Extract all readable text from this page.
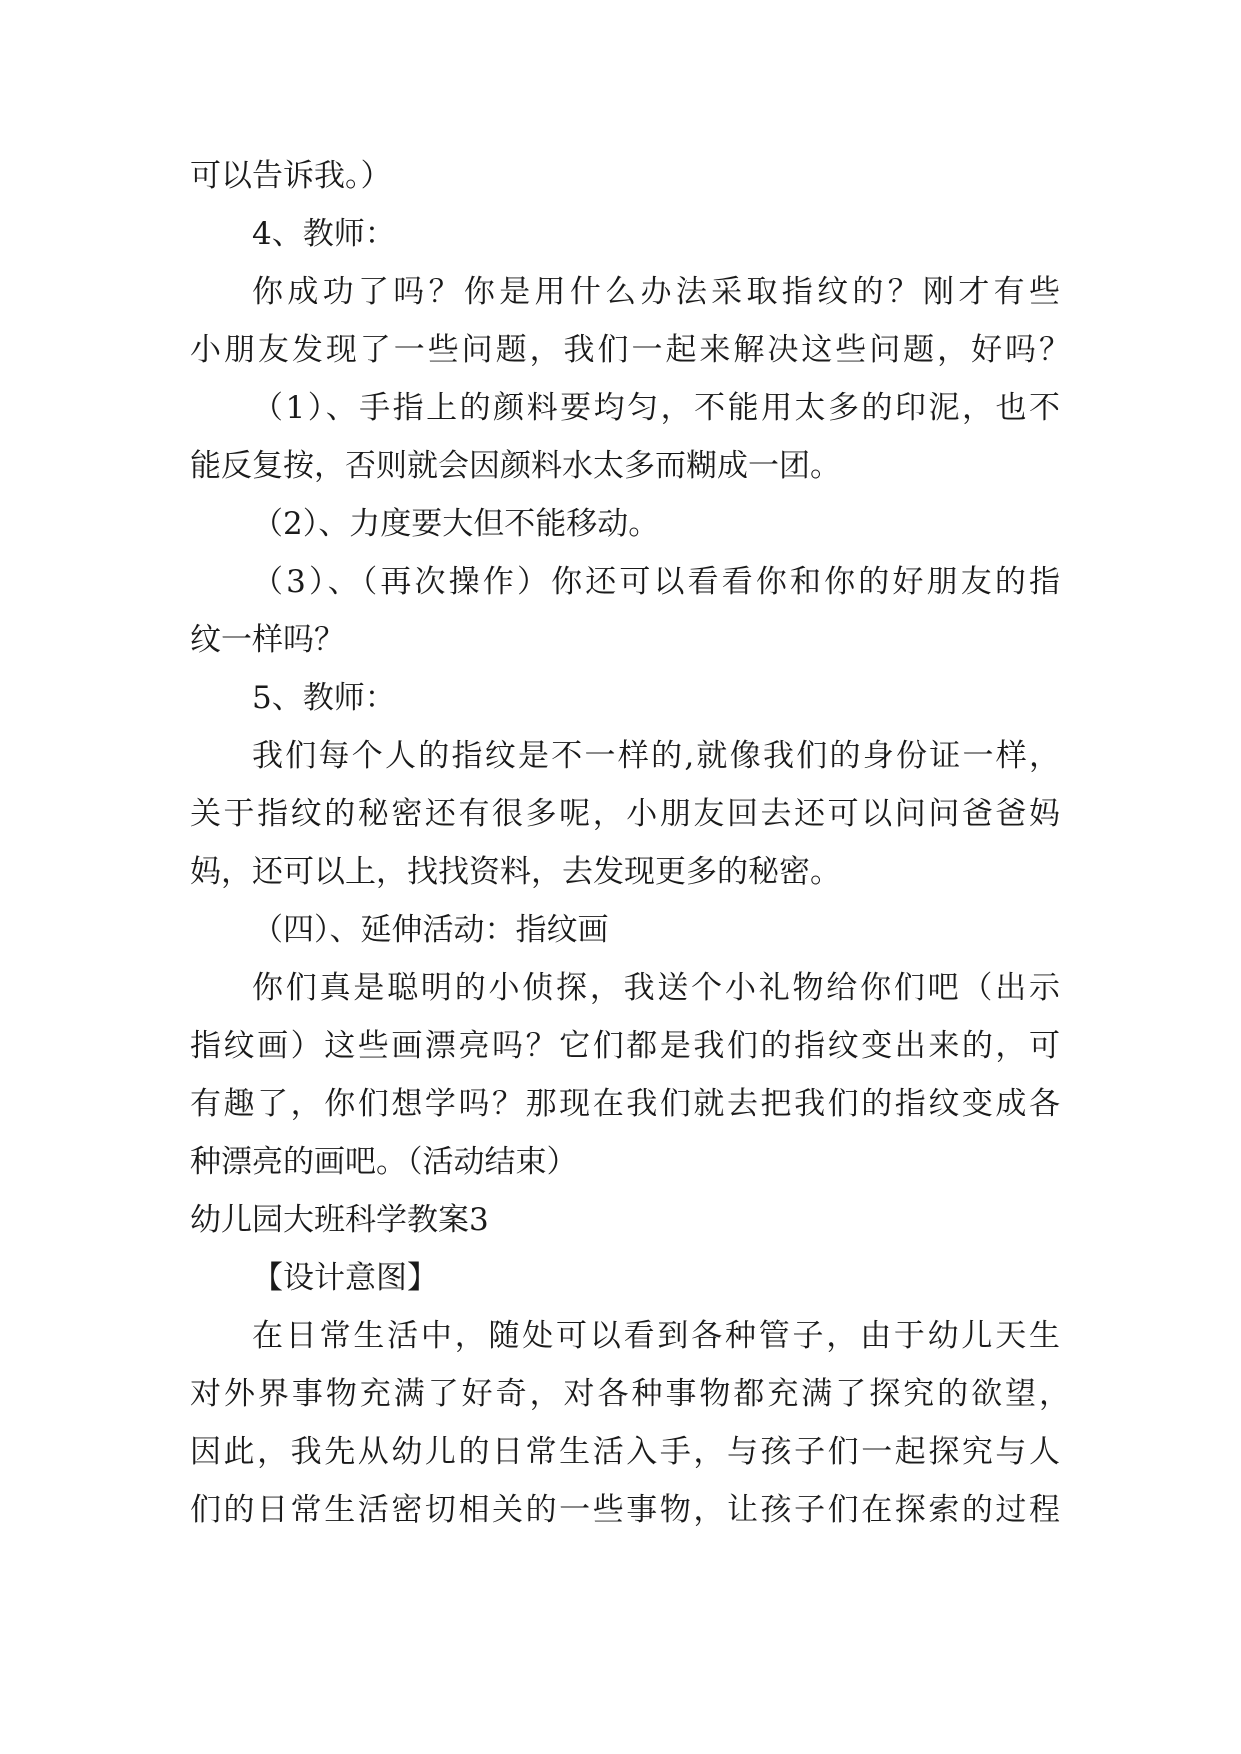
可以告诉我。）
4、教师：
你成功了吗？你是用什么办法采取指纹的？刚才有些
小朋友发现了一些问题，我们一起来解决这些问题，好吗？
（1）、手指上的颜料要均匀，不能用太多的印泥，也不
能反复按，否则就会因颜料水太多而糊成一团。
（2）、力度要大但不能移动。
（3）、（再次操作）你还可以看看你和你的好朋友的指
纹一样吗？
5、教师：
我们每个人的指纹是不一样的,就像我们的身份证一样，
关于指纹的秘密还有很多呢，小朋友回去还可以问问爸爸妈
妈，还可以上，找找资料，去发现更多的秘密。
（四）、延伸活动：指纹画
你们真是聪明的小侦探，我送个小礼物给你们吧（出示
指纹画）这些画漂亮吗？它们都是我们的指纹变出来的，可
有趣了，你们想学吗？那现在我们就去把我们的指纹变成各
种漂亮的画吧。（活动结束）
幼儿园大班科学教案3
【设计意图】
在日常生活中，随处可以看到各种管子，由于幼儿天生
对外界事物充满了好奇，对各种事物都充满了探究的欲望，
因此，我先从幼儿的日常生活入手，与孩子们一起探究与人
们的日常生活密切相关的一些事物，让孩子们在探索的过程
